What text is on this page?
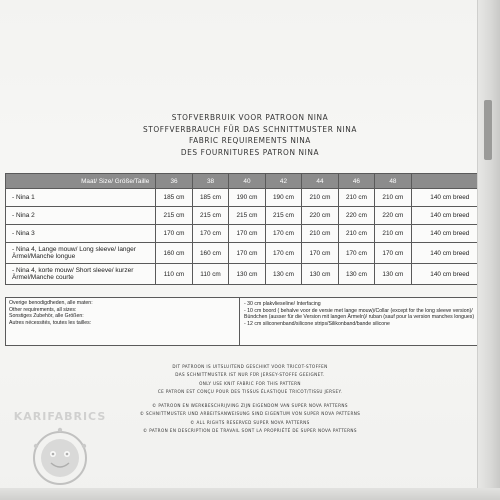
STOFVERBRUIK VOOR PATROON NINA
STOFFVERBRAUCH FÜR DAS SCHNITTMUSTER NINA
FABRIC REQUIREMENTS NINA
DES FOURNITURES PATRON NINA
Maat/ Size/ Größe/Taille	36	38	40	42	44	46	48	
- Nina 1	185 cm	185 cm	190 cm	190 cm	210 cm	210 cm	210 cm	140 cm breed
- Nina 2	215 cm	215 cm	215 cm	215 cm	220 cm	220 cm	220 cm	140 cm breed
- Nina 3	170 cm	170 cm	170 cm	170 cm	210 cm	210 cm	210 cm	140 cm breed
- Nina 4, Lange mouw/ Long sleeve/ langer Ärmel/Manche longue	160 cm	160 cm	170 cm	170 cm	170 cm	170 cm	170 cm	140 cm breed
- Nina 4, korte mouw/ Short sleeve/ kurzer Ärmel/Manche courte	110 cm	110 cm	130 cm	130 cm	130 cm	130 cm	130 cm	140 cm breed
Overige benodigdheden, alle maten:
Other requirements, all sizes:
Sonstiges Zubehör, alle Größen:
Autres nécessités, toutes les tailles:
- 30 cm plakvlieseline/ Interfacing
- 10 cm boord ( behalve voor de versie met lange mouw)/Collar (except for the long sleeve version)/ Bündchen (ausser für die Version mit langen Ärmeln)/ ruban (sauf pour la version manches longues)
- 12 cm siliconenband/silicone strips/Silikonband/bande silicone
DIT PATROON IS UITSLUITEND GESCHIKT VOOR TRICOT-STOFFEN
DAS SCHNITTMUSTER IST NUR FÜR JERSEY-STOFFE GEEIGNET.
ONLY USE KNIT FABRIC FOR THIS PATTERN
CE PATRON EST CONÇU POUR DES TISSUS ÉLASTIQUE TRICOT/TISSU JERSEY.
© PATROON EN WERKBESCHRIJVING ZIJN EIGENDOM VAN SUPER NOVA PATTERNS
© SCHNITTMUSTER UND ARBEITSANWEISUNG SIND EIGENTUM VON SUPER NOVA PATTERNS
© ALL RIGHTS RESERVED SUPER NOVA PATTERNS
© PATRON EN DESCRIPTION DE TRAVAIL SONT LA PROPRIÉTÉ DE SUPER NOVA PATTERNS
KARIFABRICS
